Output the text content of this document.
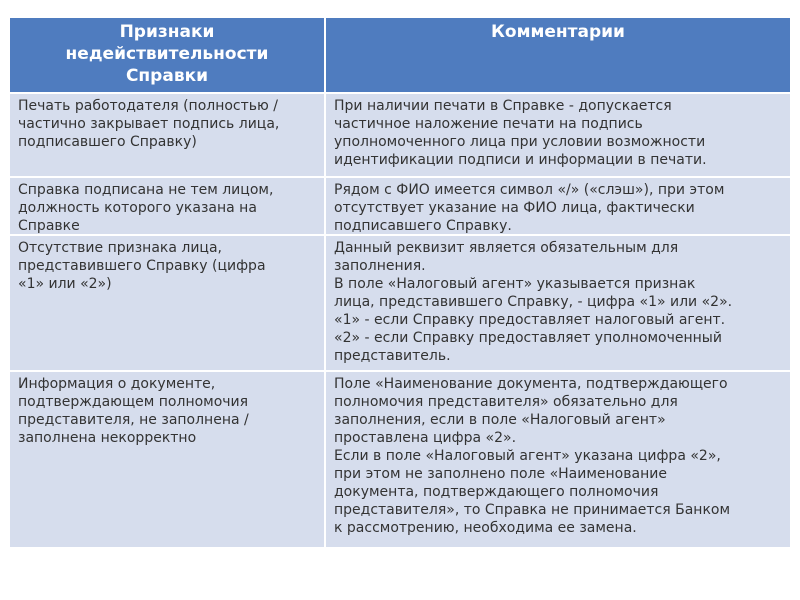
Признаки
недействительности
Справки
Комментарии
Печать работодателя (полностью /
частично закрывает подпись лица,
подписавшего Справку)
При наличии печати в Справке - допускается
частичное наложение печати на подпись
уполномоченного лица при условии возможности
идентификации подписи и информации в печати.
Справка подписана не тем лицом,
должность которого указана на
Справке
Рядом с ФИО имеется символ «/» («слэш»), при этом
отсутствует указание на ФИО лица, фактически
подписавшего Справку.
Отсутствие признака лица,
представившего Справку (цифра
«1» или «2»)
Данный реквизит является обязательным для
заполнения.
В поле «Налоговый агент» указывается признак
лица, представившего Справку, - цифра «1» или «2».
«1» - если Справку предоставляет налоговый агент.
«2» - если Справку предоставляет уполномоченный
представитель.
Информация о документе,
подтверждающем полномочия
представителя, не заполнена /
заполнена некорректно
Поле «Наименование документа, подтверждающего
полномочия представителя» обязательно для
заполнения, если в поле «Налоговый агент»
проставлена цифра «2».
Если в поле «Налоговый агент» указана цифра «2»,
при этом не заполнено поле «Наименование
документа, подтверждающего полномочия
представителя», то Справка не принимается Банком
к рассмотрению, необходима ее замена.
